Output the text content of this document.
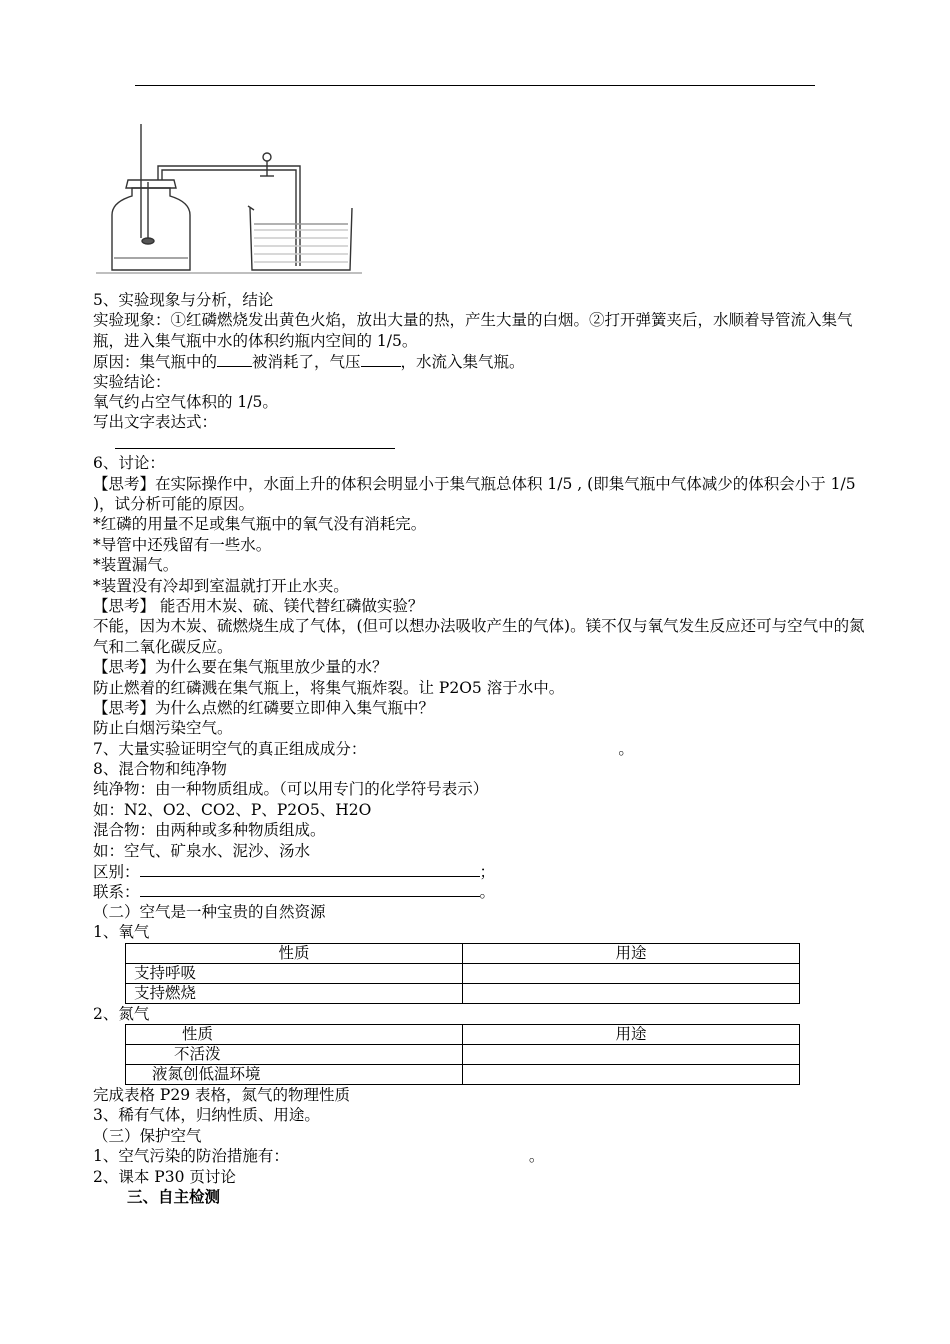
5、实验现象与分析，结论
实验现象：①红磷燃烧发出黄色火焰，放出大量的热，产生大量的白烟。②打开弹簧夹后，水顺着导管流入集气瓶，进入集气瓶中水的体积约瓶内空间的 1/5。
原因：集气瓶中的 被消耗了，气压	，水流入集气瓶。
实验结论：
氧气约占空气体积的 1/5。
写出文字表达式：
6、讨论：
【思考】在实际操作中，水面上升的体积会明显小于集气瓶总体积 1/5 , (即集气瓶中气体减少的体积会小于 1/5 )，试分析可能的原因。
*红磷的用量不足或集气瓶中的氧气没有消耗完。
*导管中还残留有一些水。
*装置漏气。
*装置没有冷却到室温就打开止水夹。
【思考】 能否用木炭、硫、镁代替红磷做实验？
不能，因为木炭、硫燃烧生成了气体，(但可以想办法吸收产生的气体)。镁不仅与氧气发生反应还可与空气中的氮气和二氧化碳反应。
【思考】为什么要在集气瓶里放少量的水？
防止燃着的红磷溅在集气瓶上，将集气瓶炸裂。让 P2O5 溶于水中。
【思考】为什么点燃的红磷要立即伸入集气瓶中？
防止白烟污染空气。
7、大量实验证明空气的真正组成成分：	。
8、混合物和纯净物
纯净物：由一种物质组成。（可以用专门的化学符号表示）
如：N2、O2、CO2、P、P2O5、H2O
混合物：由两种或多种物质组成。
如：空气、矿泉水、泥沙、汤水
区别：	；
联系：	。
（二）空气是一种宝贵的自然资源
1、氧气
性质	用途
支持呼吸	
支持燃烧	
2、氮气
性质	用途
不活泼	
液氮创低温环境	
完成表格 P29 表格，氮气的物理性质
3、稀有气体，归纳性质、用途。
（三）保护空气
1、空气污染的防治措施有：	。
2、课本 P30 页讨论
三、自主检测
